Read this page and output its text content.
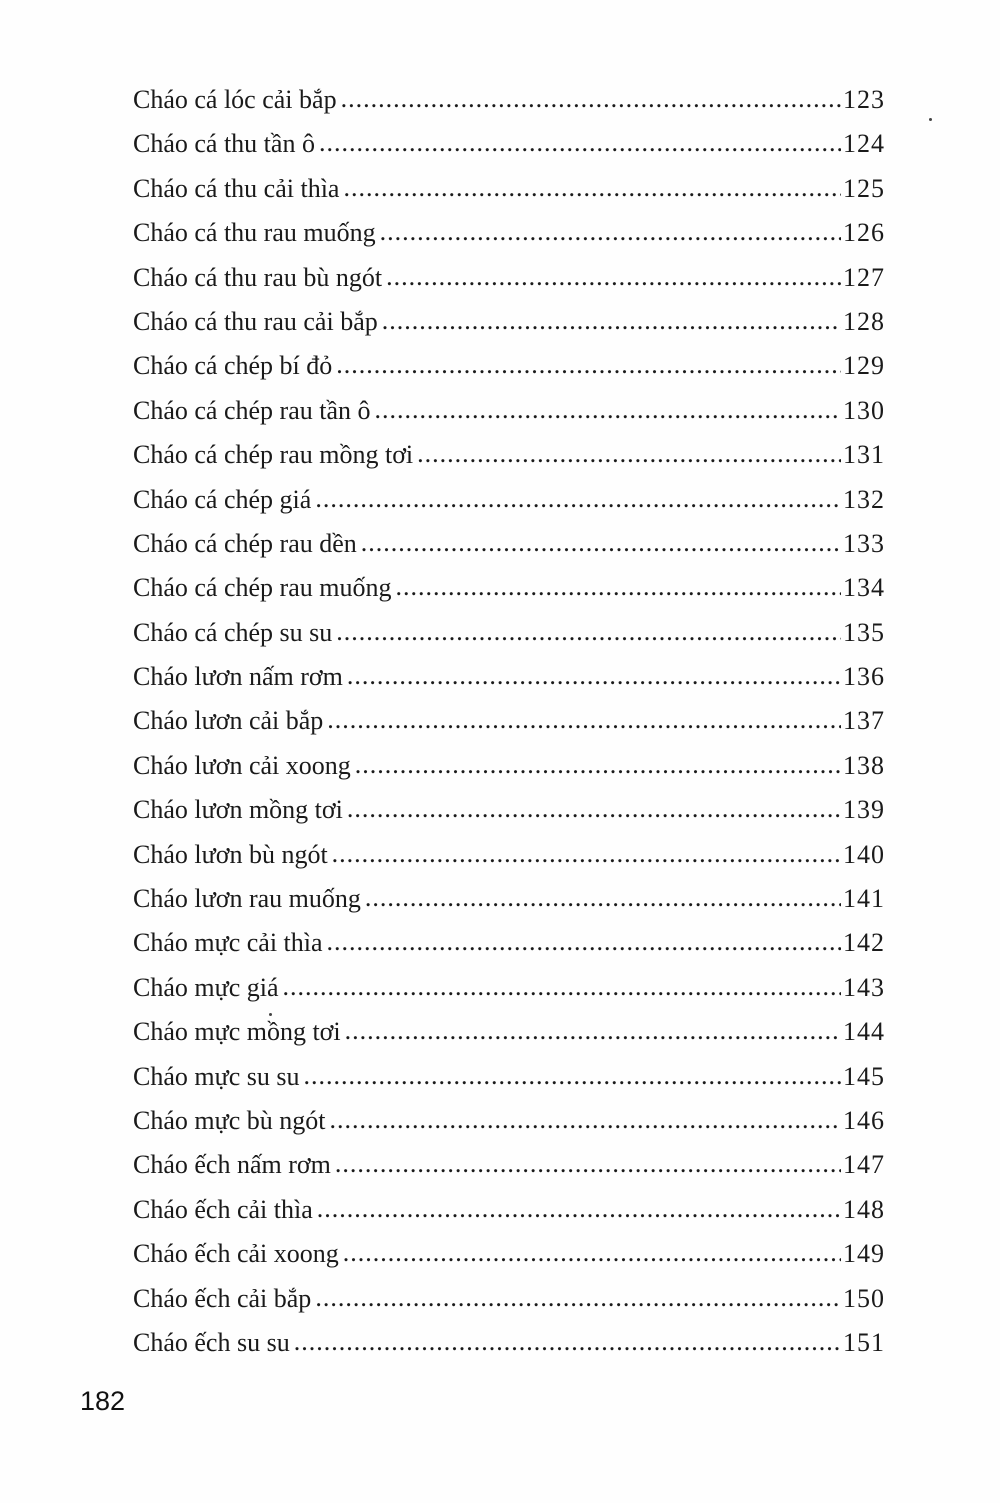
Cháo cá lóc cải bắp .....	123
Cháo cá thu tần ô .....	124
Cháo cá thu cải thìa .....	125
Cháo cá thu rau muống .....	126
Cháo cá thu rau bù ngót .....	127
Cháo cá thu rau cải bắp .....	128
Cháo cá chép bí đỏ .....	129
Cháo cá chép rau tần ô .....	130
Cháo cá chép rau mồng tơi .....	131
Cháo cá chép giá .....	132
Cháo cá chép rau dền .....	133
Cháo cá chép rau muống .....	134
Cháo cá chép su su .....	135
Cháo lươn nấm rơm .....	136
Cháo lươn cải bắp .....	137
Cháo lươn cải xoong .....	138
Cháo lươn mồng tơi .....	139
Cháo lươn bù ngót .....	140
Cháo lươn rau muống .....	141
Cháo mực cải thìa .....	142
Cháo mực giá .....	143
Cháo mực mồng tơi .....	144
Cháo mực su su .....	145
Cháo mực bù ngót .....	146
Cháo ếch nấm rơm .....	147
Cháo ếch cải thìa .....	148
Cháo ếch cải xoong .....	149
Cháo ếch cải bắp .....	150
Cháo ếch su su .....	151
182
